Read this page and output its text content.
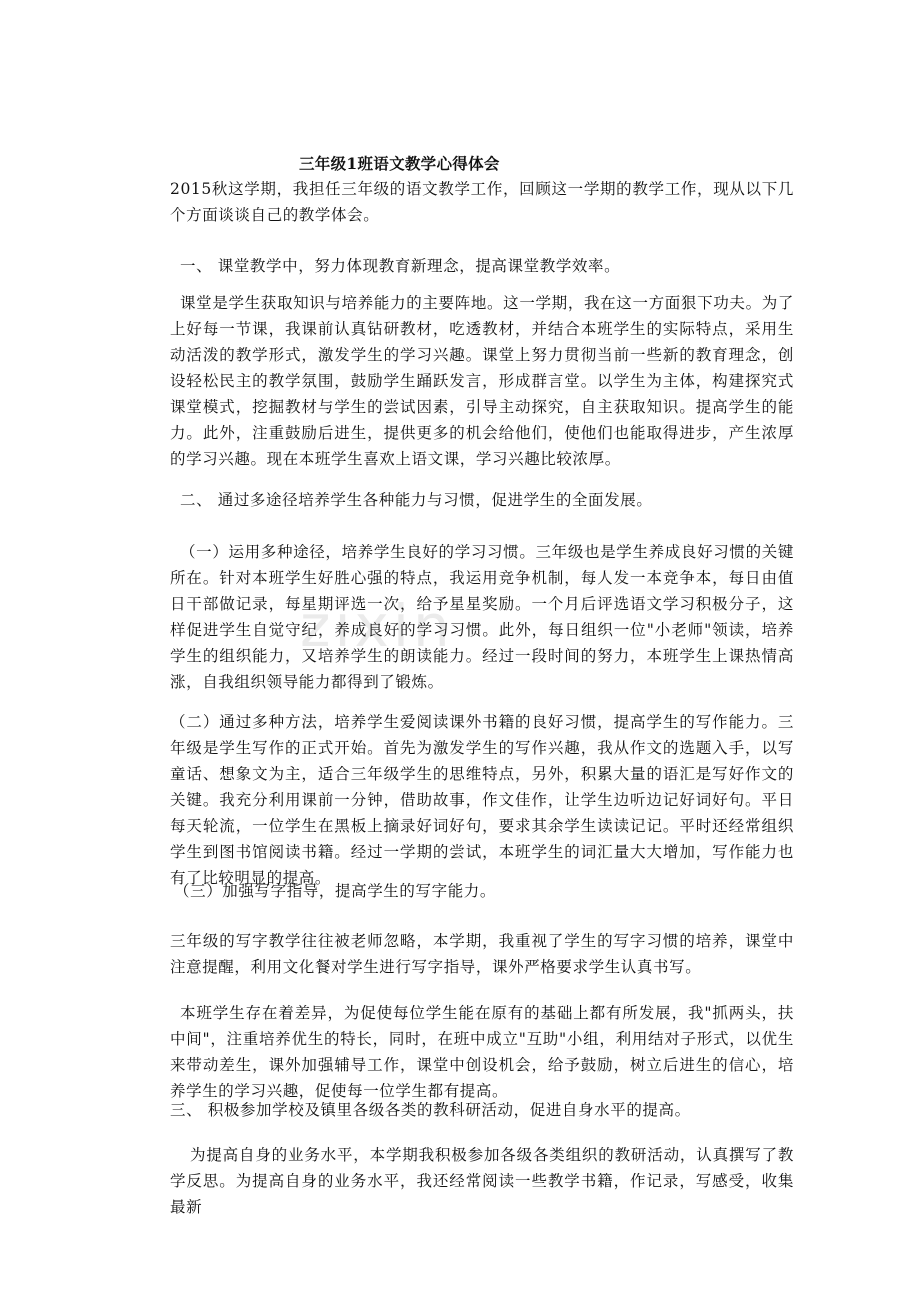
zixin
三年级1班语文教学心得体会

2015秋这学期，我担任三年级的语文教学工作，回顾这一学期的教学工作，现从以下几个方面谈谈自己的教学体会。

一、 课堂教学中，努力体现教育新理念，提高课堂教学效率。

课堂是学生获取知识与培养能力的主要阵地。这一学期，我在这一方面狠下功夫。为了上好每一节课，我课前认真钻研教材，吃透教材，并结合本班学生的实际特点，采用生动活泼的教学形式，激发学生的学习兴趣。课堂上努力贯彻当前一些新的教育理念，创设轻松民主的教学氛围，鼓励学生踊跃发言，形成群言堂。以学生为主体，构建探究式课堂模式，挖掘教材与学生的尝试因素，引导主动探究，自主获取知识。提高学生的能力。此外，注重鼓励后进生，提供更多的机会给他们，使他们也能取得进步，产生浓厚的学习兴趣。现在本班学生喜欢上语文课，学习兴趣比较浓厚。

二、 通过多途径培养学生各种能力与习惯，促进学生的全面发展。

（一）运用多种途径，培养学生良好的学习习惯。三年级也是学生养成良好习惯的关键所在。针对本班学生好胜心强的特点，我运用竞争机制，每人发一本竞争本，每日由值日干部做记录，每星期评选一次，给予星星奖励。一个月后评选语文学习积极分子，这样促进学生自觉守纪，养成良好的学习习惯。此外，每日组织一位"小老师"领读，培养学生的组织能力，又培养学生的朗读能力。经过一段时间的努力，本班学生上课热情高涨，自我组织领导能力都得到了锻炼。

（二）通过多种方法，培养学生爱阅读课外书籍的良好习惯，提高学生的写作能力。三年级是学生写作的正式开始。首先为激发学生的写作兴趣，我从作文的选题入手，以写童话、想象文为主，适合三年级学生的思维特点，另外，积累大量的语汇是写好作文的关键。我充分利用课前一分钟，借助故事，作文佳作，让学生边听边记好词好句。平日每天轮流，一位学生在黑板上摘录好词好句，要求其余学生读读记记。平时还经常组织学生到图书馆阅读书籍。经过一学期的尝试，本班学生的词汇量大大增加，写作能力也有了比较明显的提高。

（三）加强写字指导，提高学生的写字能力。

三年级的写字教学往往被老师忽略，本学期，我重视了学生的写字习惯的培养，课堂中注意提醒，利用文化餐对学生进行写字指导，课外严格要求学生认真书写。

本班学生存在着差异，为促使每位学生能在原有的基础上都有所发展，我"抓两头，扶中间"，注重培养优生的特长，同时，在班中成立"互助"小组，利用结对子形式，以优生来带动差生，课外加强辅导工作，课堂中创设机会，给予鼓励，树立后进生的信心，培养学生的学习兴趣，促使每一位学生都有提高。

三、 积极参加学校及镇里各级各类的教科研活动，促进自身水平的提高。

为提高自身的业务水平，本学期我积极参加各级各类组织的教研活动，认真撰写了教学反思。为提高自身的业务水平，我还经常阅读一些教学书籍，作记录，写感受，收集最新
